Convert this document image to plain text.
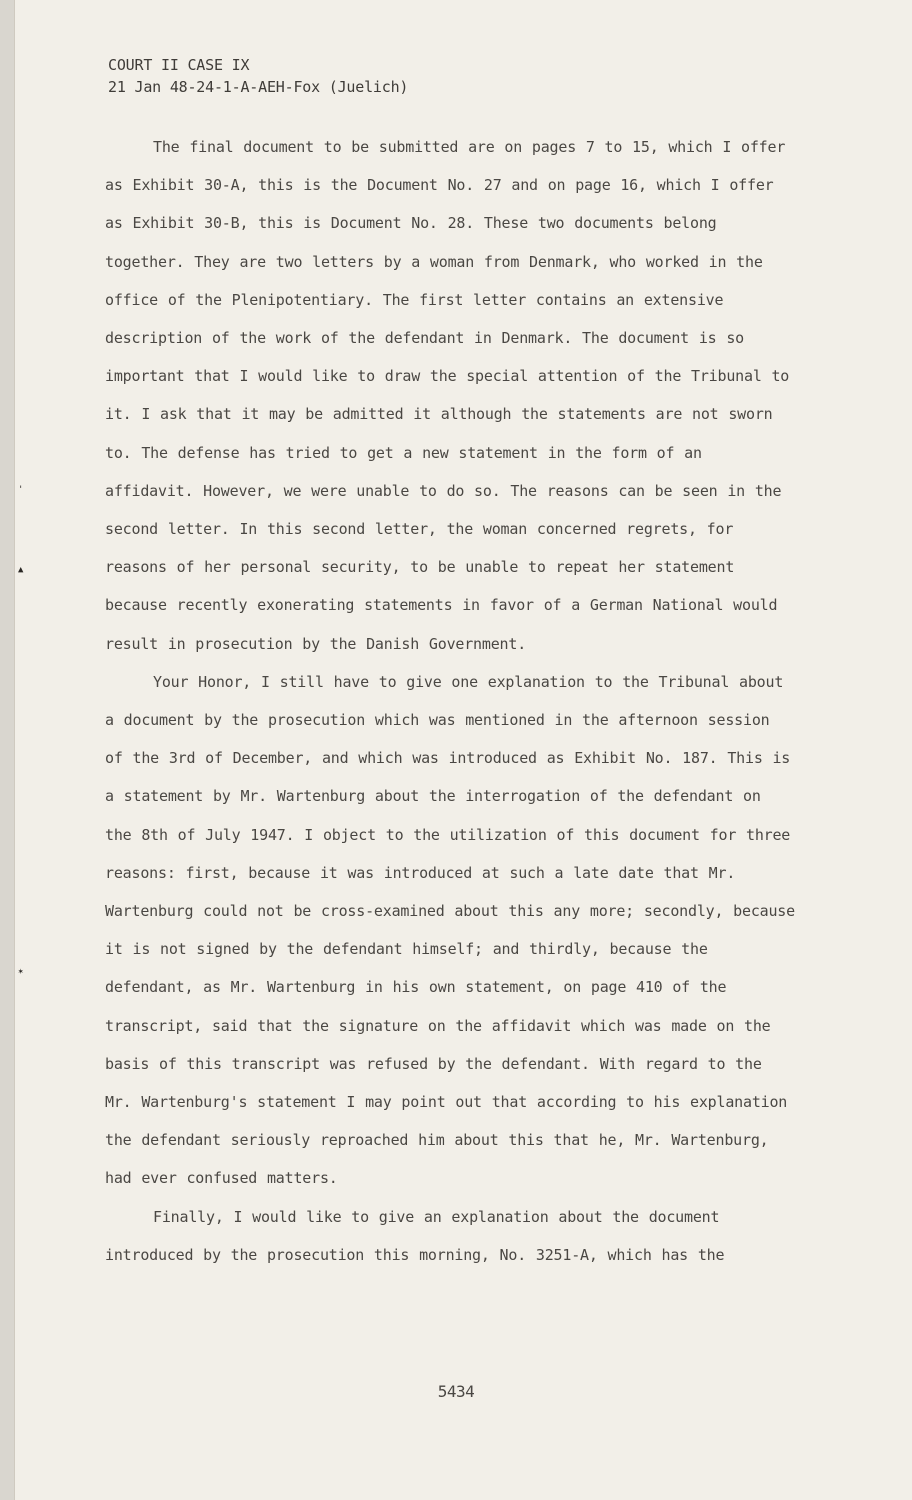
COURT II CASE IX
21 Jan 48-24-1-A-AEH-Fox (Juelich)

The final document to be submitted are on pages 7 to 15, which I offer as Exhibit 30-A, this is the Document No. 27 and on page 16, which I offer as Exhibit 30-B, this is Document No. 28. These two documents belong together. They are two letters by a woman from Denmark, who worked in the office of the Plenipotentiary. The first letter contains an extensive description of the work of the defendant in Denmark. The document is so important that I would like to draw the special attention of the Tribunal to it. I ask that it may be admitted it although the statements are not sworn to. The defense has tried to get a new statement in the form of an affidavit. However, we were unable to do so. The reasons can be seen in the second letter. In this second letter, the woman concerned regrets, for reasons of her personal security, to be unable to repeat her statement because recently exonerating statements in favor of a German National would result in prosecution by the Danish Government.

Your Honor, I still have to give one explanation to the Tribunal about a document by the prosecution which was mentioned in the afternoon session of the 3rd of December, and which was introduced as Exhibit No. 187. This is a statement by Mr. Wartenburg about the interrogation of the defendant on the 8th of July 1947. I object to the utilization of this document for three reasons: first, because it was introduced at such a late date that Mr. Wartenburg could not be cross-examined about this any more; secondly, because it is not signed by the defendant himself; and thirdly, because the defendant, as Mr. Wartenburg in his own statement, on page 410 of the transcript, said that the signature on the affidavit which was made on the basis of this transcript was refused by the defendant. With regard to the Mr. Wartenburg's statement I may point out that according to his explanation the defendant seriously reproached him about this that he, Mr. Wartenburg, had ever confused matters.

Finally, I would like to give an explanation about the document introduced by the prosecution this morning, No. 3251-A, which has the

5434
'
▲
✶
